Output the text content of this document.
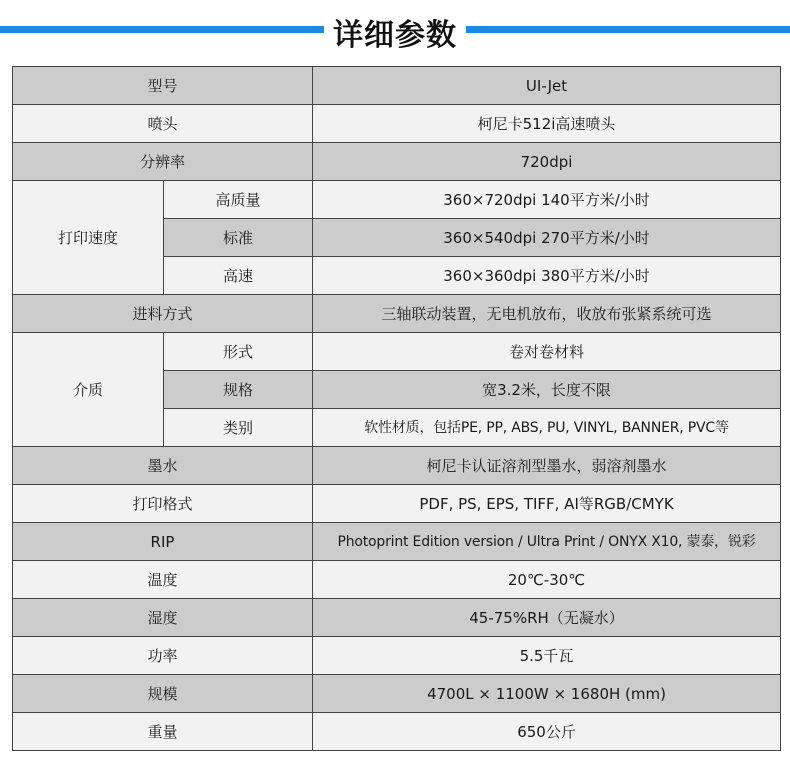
详细参数
型号		UI-Jet
喷头		柯尼卡512i高速喷头
分辨率		720dpi
打印速度	高质量	360×720dpi 140平方米/小时
	标准	360×540dpi 270平方米/小时
	高速	360×360dpi 380平方米/小时
进料方式		三轴联动装置，无电机放布，收放布张紧系统可选
介质	形式	卷对卷材料
	规格	宽3.2米，长度不限
	类别	软性材质，包括PE, PP, ABS, PU, VINYL, BANNER, PVC等
墨水		柯尼卡认证溶剂型墨水，弱溶剂墨水
打印格式		PDF, PS, EPS, TIFF, AI等RGB/CMYK
RIP		Photoprint Edition version / Ultra Print / ONYX X10, 蒙泰，锐彩
温度		20℃-30℃
湿度		45-75%RH（无凝水）
功率		5.5千瓦
规模		4700L × 1100W × 1680H (mm)
重量		650公斤
